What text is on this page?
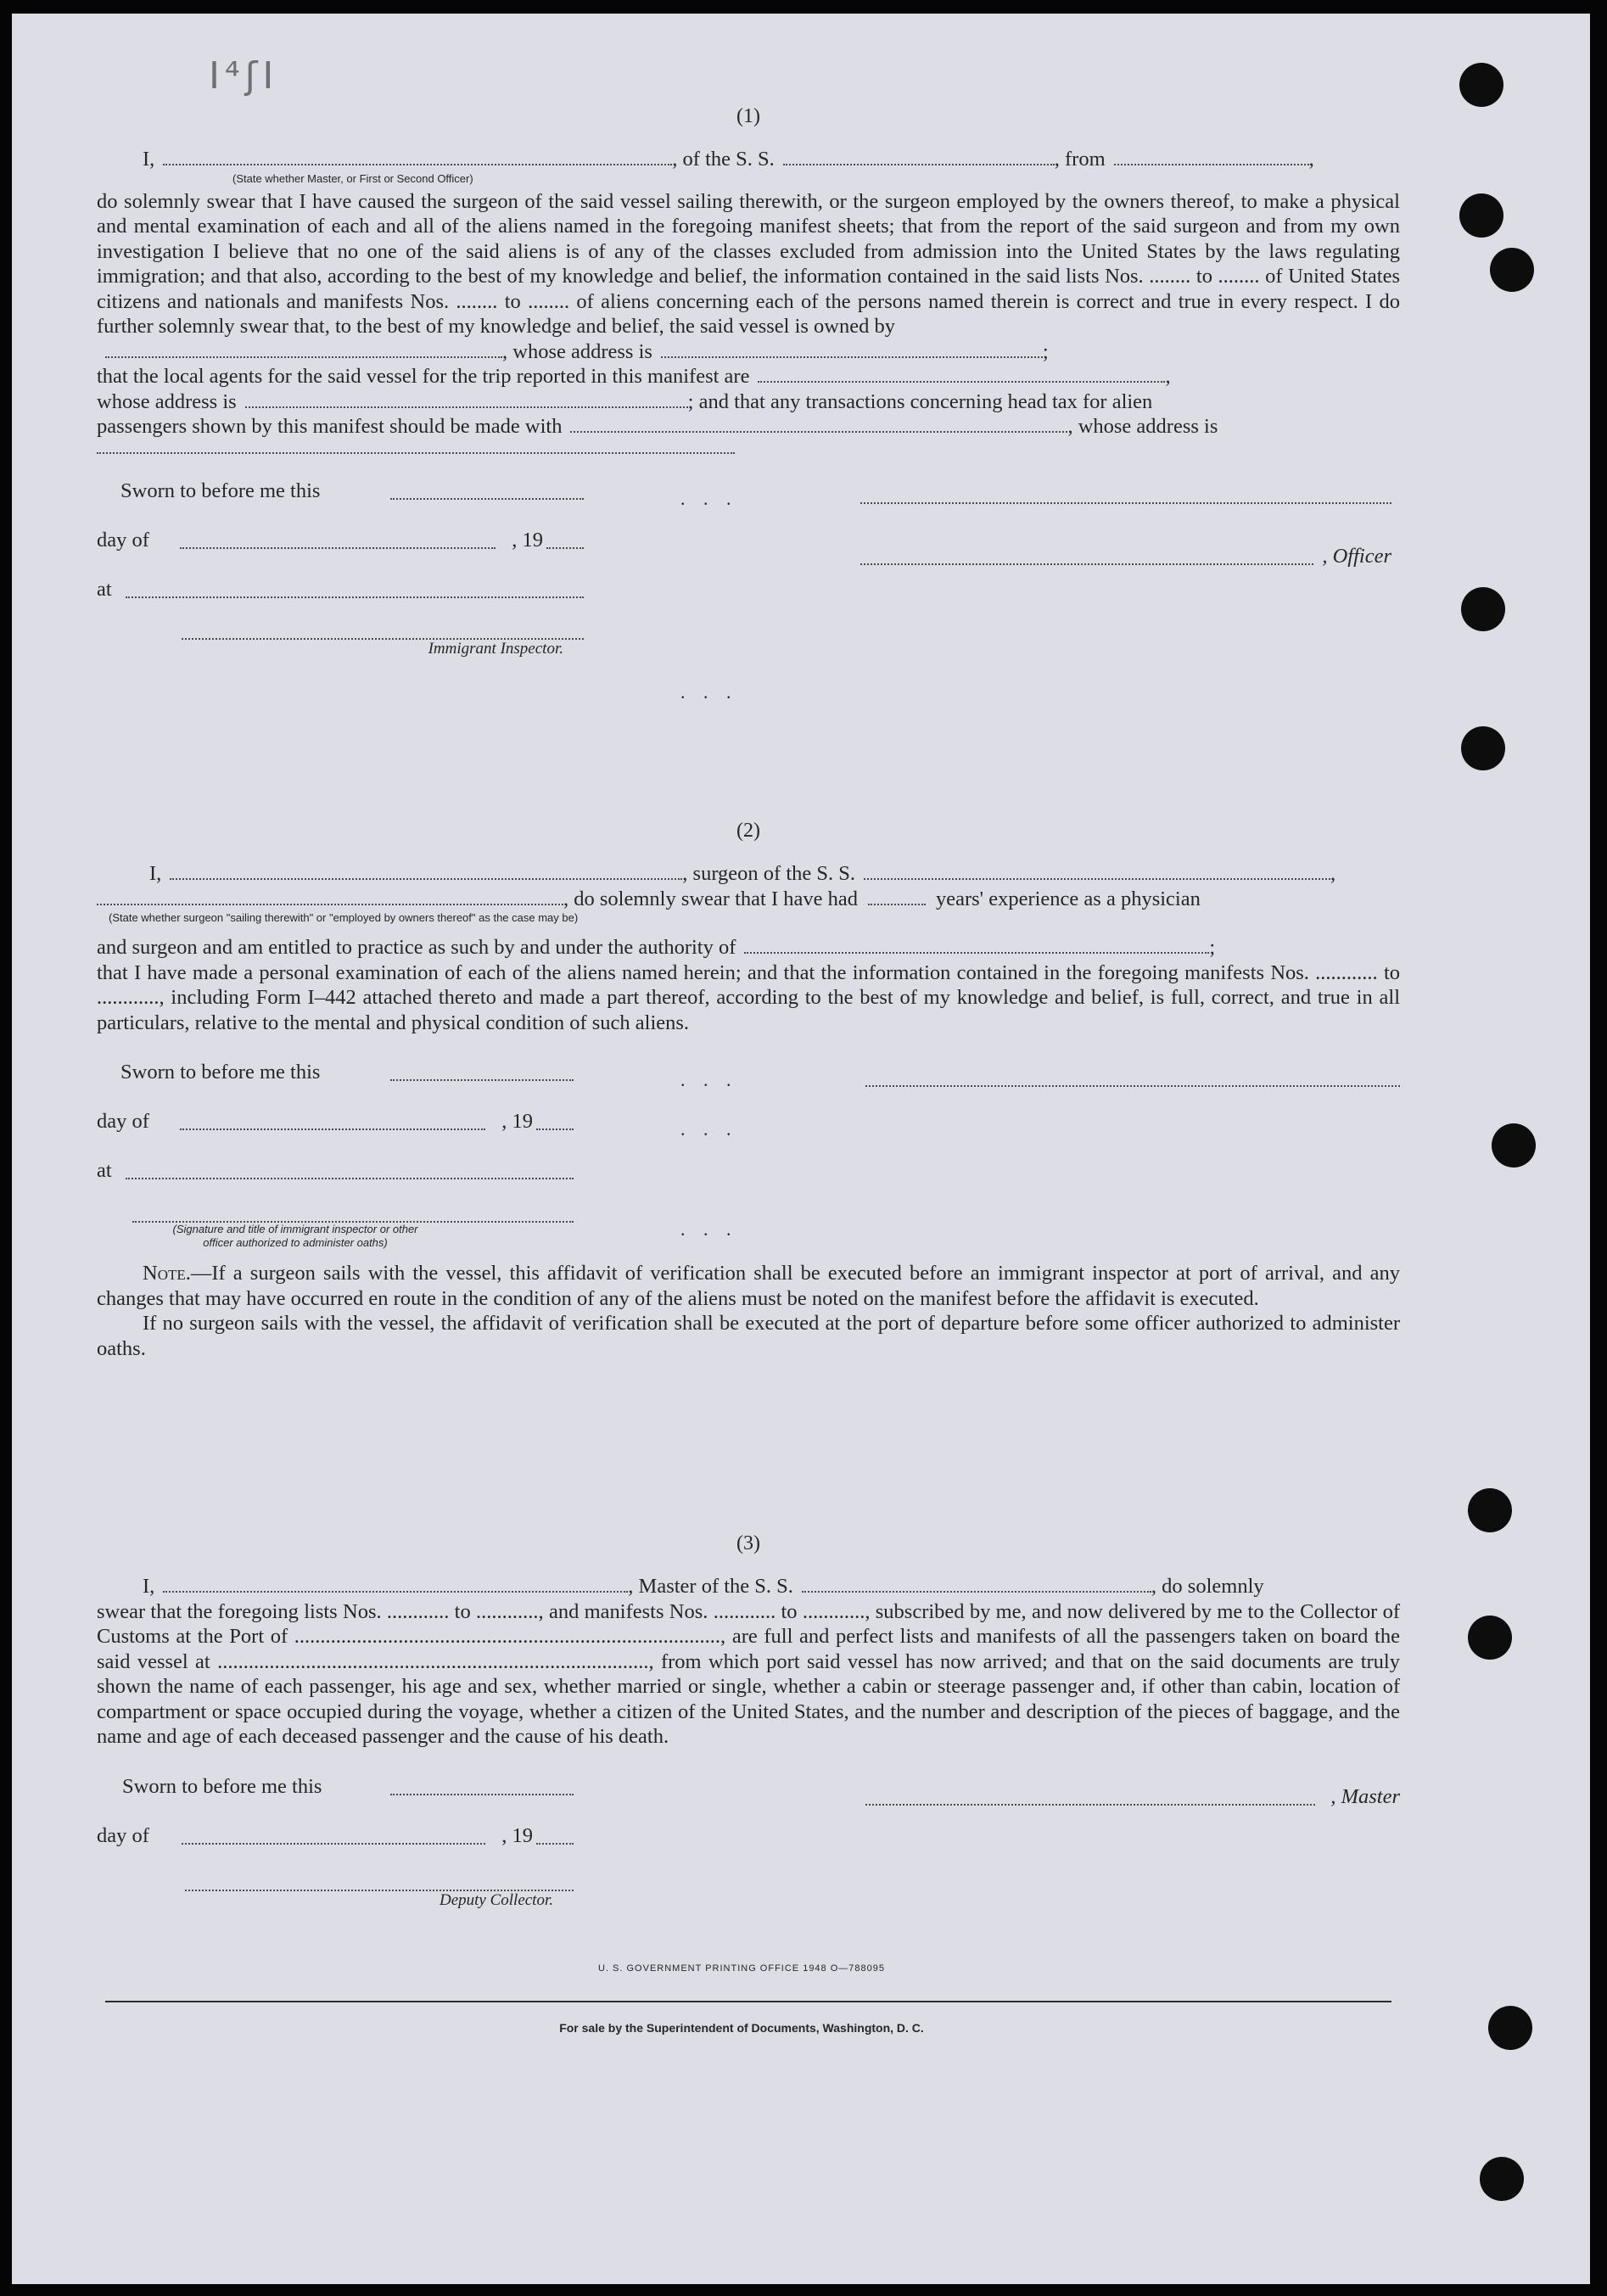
I⁴ʃI
(1)
I,	, of the S. S.	, from	,
(State whether Master, or First or Second Officer)

do solemnly swear that I have caused the surgeon of the said vessel sailing therewith, or the surgeon employed by the owners thereof, to make a physical and mental examination of each and all of the aliens named in the foregoing manifest sheets; that from the report of the said surgeon and from my own investigation I believe that no one of the said aliens is of any of the classes excluded from admission into the United States by the laws regulating immigration; and that also, according to the best of my knowledge and belief, the information contained in the said lists Nos. ........ to ........ of United States citizens and nationals and manifests Nos. ........ to ........ of aliens concerning each of the persons named therein is correct and true in every respect. I do further solemnly swear that, to the best of my knowledge and belief, the said vessel is owned by

, whose address is	;
that the local agents for the said vessel for the trip reported in this manifest are	,
whose address is	; and that any transactions concerning head tax for alien
passengers shown by this manifest should be made with	, whose address is
Sworn to before me this
day of	, 19
at
Immigrant Inspector.
. . .
. . .
, Officer
(2)
I,	, surgeon of the S. S.	,
, do solemnly swear that I have had	years' experience as a physician
(State whether surgeon "sailing therewith" or "employed by owners thereof" as the case may be)
and surgeon and am entitled to practice as such by and under the authority of	;

that I have made a personal examination of each of the aliens named herein; and that the information contained in the foregoing manifests Nos. ............ to ............, including Form I–442 attached thereto and made a part thereof, according to the best of my knowledge and belief, is full, correct, and true in all particulars, relative to the mental and physical condition of such aliens.

Sworn to before me this
day of	, 19
at
(Signature and title of immigrant inspector or other officer authorized to administer oaths)
. . .
. . .
. . .

Note.—If a surgeon sails with the vessel, this affidavit of verification shall be executed before an immigrant inspector at port of arrival, and any changes that may have occurred en route in the condition of any of the aliens must be noted on the manifest before the affidavit is executed.

If no surgeon sails with the vessel, the affidavit of verification shall be executed at the port of departure before some officer authorized to administer oaths.

(3)
I,	, Master of the S. S.	, do solemnly

swear that the foregoing lists Nos. ............ to ............, and manifests Nos. ............ to ............, subscribed by me, and now delivered by me to the Collector of Customs at the Port of .................................................................................., are full and perfect lists and manifests of all the passengers taken on board the said vessel at ..................................................................................., from which port said vessel has now arrived; and that on the said documents are truly shown the name of each passenger, his age and sex, whether married or single, whether a cabin or steerage passenger and, if other than cabin, location of compartment or space occupied during the voyage, whether a citizen of the United States, and the number and description of the pieces of baggage, and the name and age of each deceased passenger and the cause of his death.

Sworn to before me this
day of	, 19
Deputy Collector.
, Master
U. S. GOVERNMENT PRINTING OFFICE 1948 O—788095
For sale by the Superintendent of Documents, Washington, D. C.
